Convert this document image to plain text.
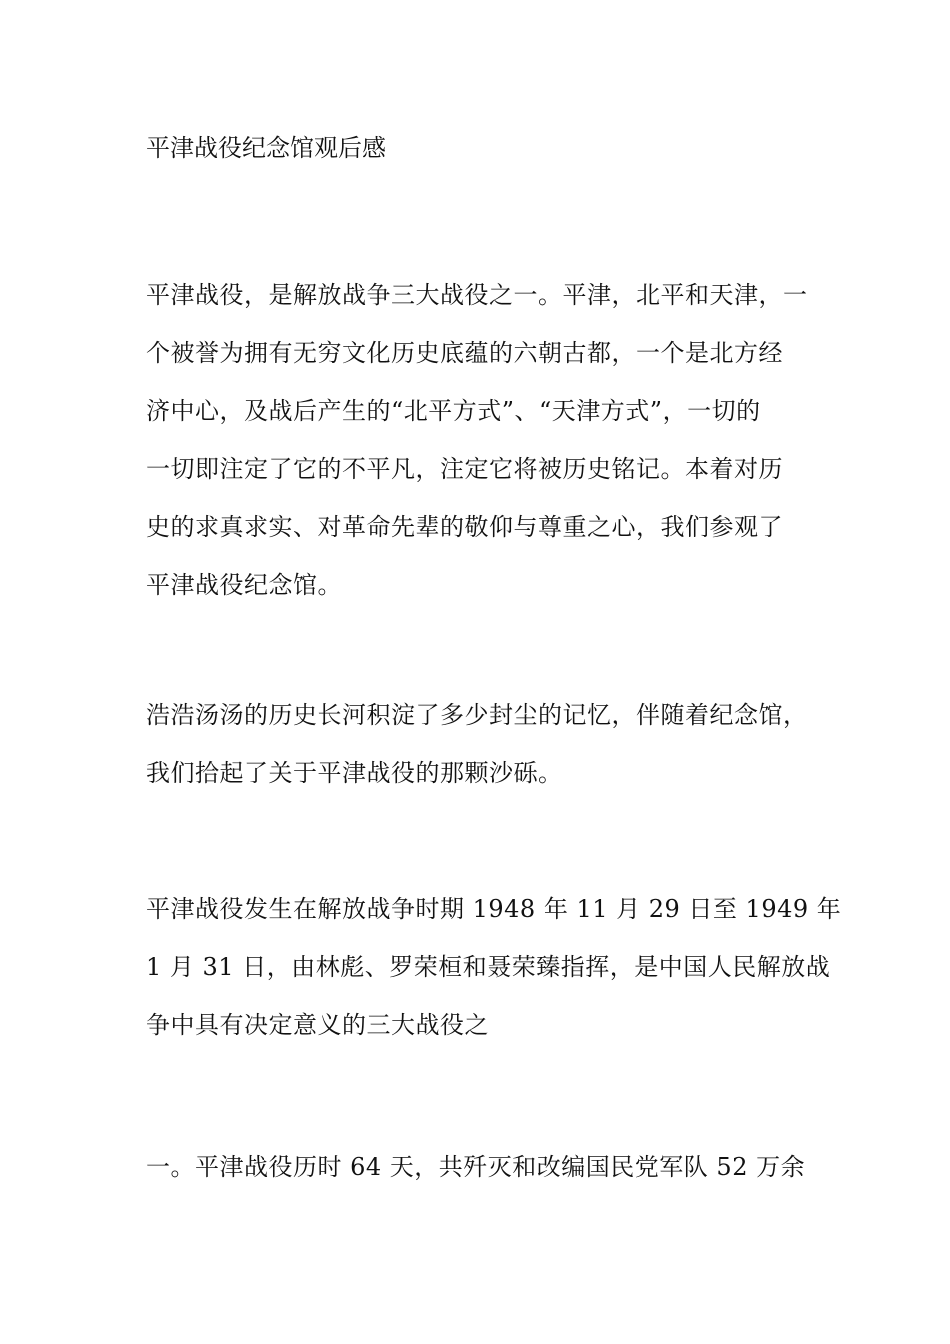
平津战役纪念馆观后感

平津战役，是解放战争三大战役之一。平津，北平和天津，一
个被誉为拥有无穷文化历史底蕴的六朝古都，一个是北方经
济中心，及战后产生的“北平方式”、“天津方式”，一切的
一切即注定了它的不平凡，注定它将被历史铭记。本着对历
史的求真求实、对革命先辈的敬仰与尊重之心，我们参观了
平津战役纪念馆。

浩浩汤汤的历史长河积淀了多少封尘的记忆，伴随着纪念馆，
我们拾起了关于平津战役的那颗沙砾。

平津战役发生在解放战争时期 1948 年 11 月 29 日至 1949 年
1 月 31 日，由林彪、罗荣桓和聂荣臻指挥，是中国人民解放战
争中具有决定意义的三大战役之

一。平津战役历时 64 天，共歼灭和改编国民党军队 52 万余
